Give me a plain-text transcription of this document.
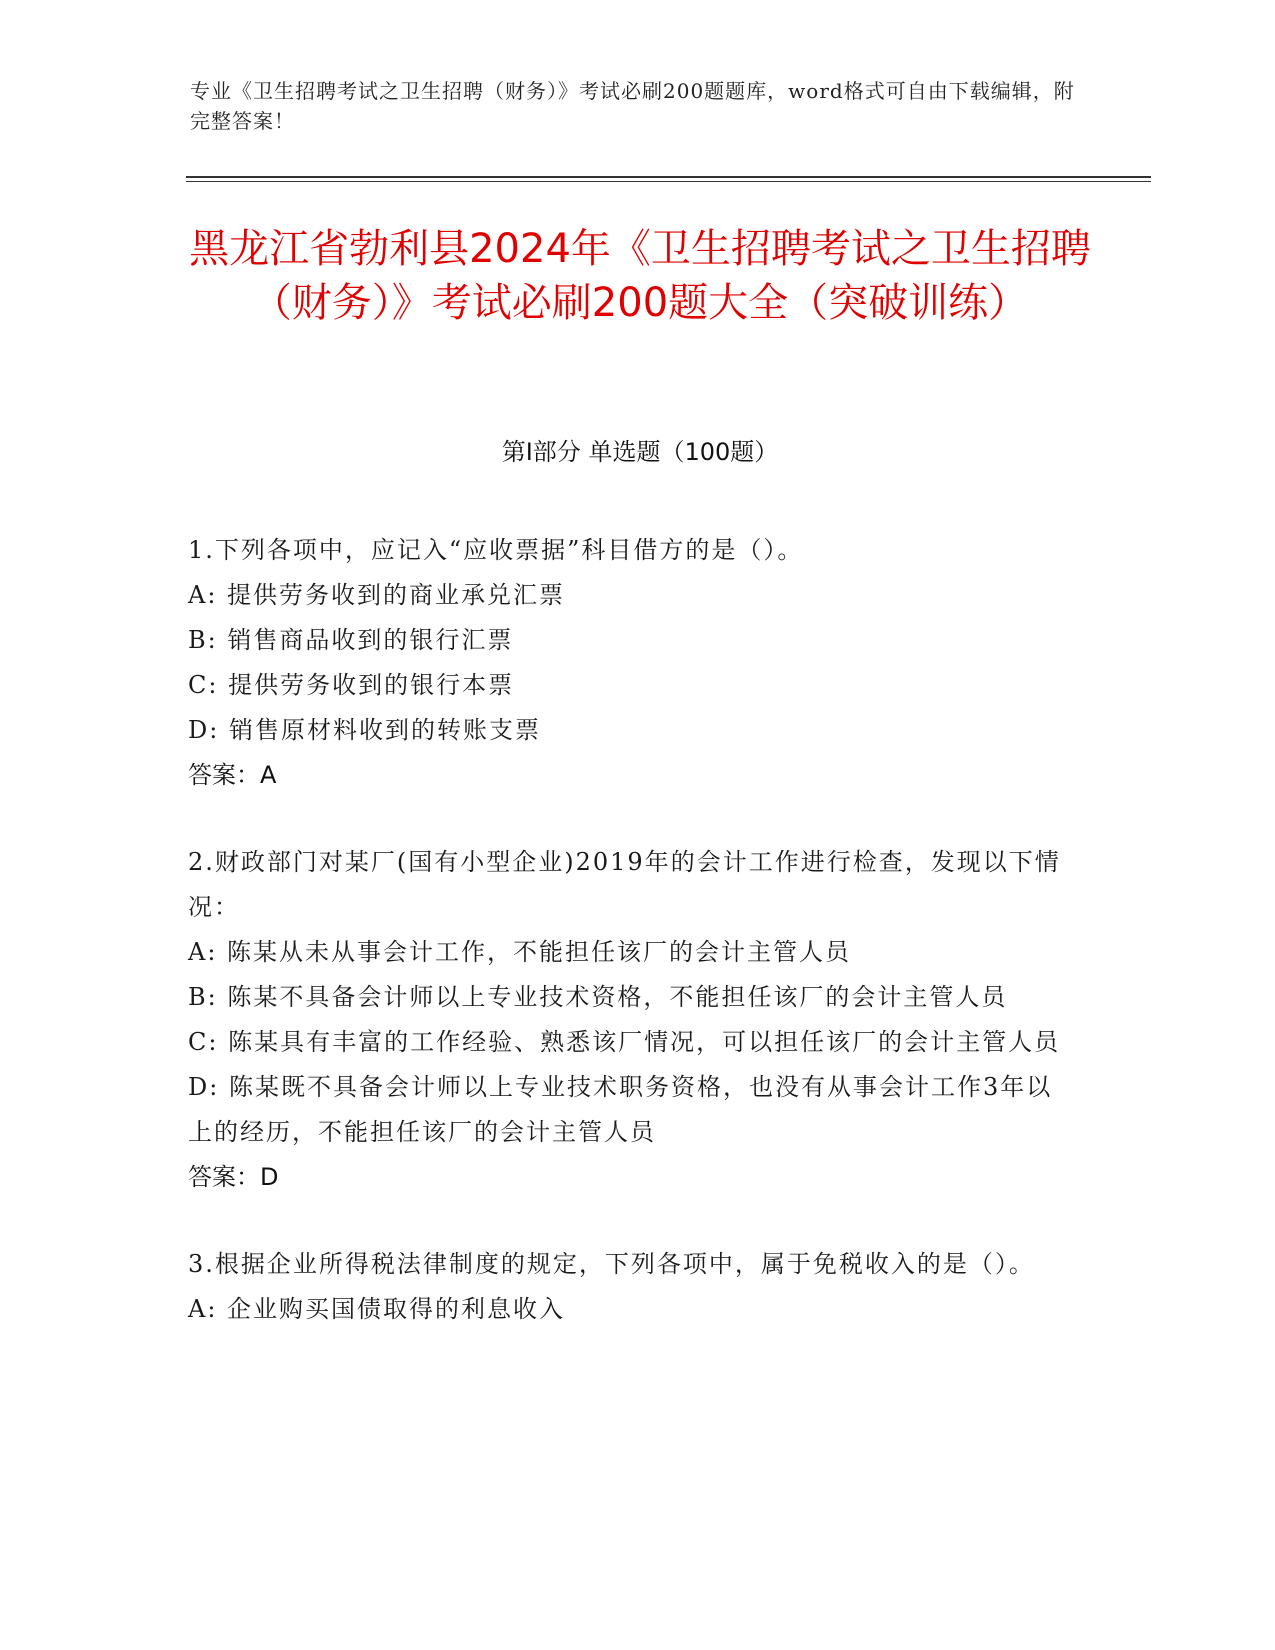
专业《卫生招聘考试之卫生招聘（财务）》考试必刷200题题库，word格式可自由下载编辑，附完整答案！
黑龙江省勃利县2024年《卫生招聘考试之卫生招聘（财务）》考试必刷200题大全（突破训练）
第Ⅰ部分 单选题（100题）
1.下列各项中，应记入“应收票据”科目借方的是（）。
A: 提供劳务收到的商业承兑汇票
B: 销售商品收到的银行汇票
C: 提供劳务收到的银行本票
D: 销售原材料收到的转账支票
答案：A
2.财政部门对某厂(国有小型企业)2019年的会计工作进行检查，发现以下情况：
A: 陈某从未从事会计工作，不能担任该厂的会计主管人员
B: 陈某不具备会计师以上专业技术资格，不能担任该厂的会计主管人员
C: 陈某具有丰富的工作经验、熟悉该厂情况，可以担任该厂的会计主管人员
D: 陈某既不具备会计师以上专业技术职务资格，也没有从事会计工作3年以上的经历，不能担任该厂的会计主管人员
答案：D
3.根据企业所得税法律制度的规定，下列各项中，属于免税收入的是（）。
A: 企业购买国债取得的利息收入
